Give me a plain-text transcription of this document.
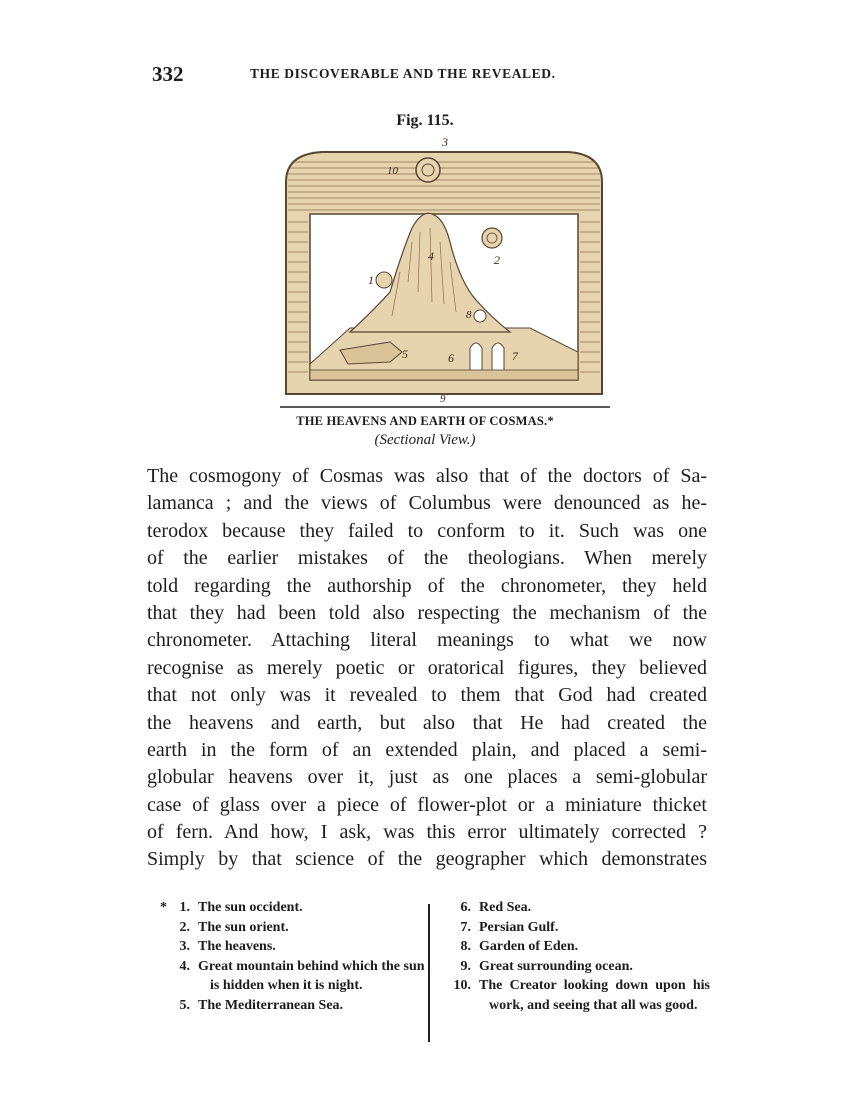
332	THE DISCOVERABLE AND THE REVEALED.
Fig. 115.
3
10
1
2
4
8
5	6	7
9
THE HEAVENS AND EARTH OF COSMAS.*
(Sectional View.)
The cosmogony of Cosmas was also that of the doctors of Sa-
lamanca ; and the views of Columbus were denounced as he-
terodox because they failed to conform to it. Such was one
of the earlier mistakes of the theologians. When merely
told regarding the authorship of the chronometer, they held
that they had been told also respecting the mechanism of the
chronometer. Attaching literal meanings to what we now
recognise as merely poetic or oratorical figures, they believed
that not only was it revealed to them that God had created
the heavens and earth, but also that He had created the
earth in the form of an extended plain, and placed a semi-
globular heavens over it, just as one places a semi-globular
case of glass over a piece of flower-plot or a miniature thicket
of fern. And how, I ask, was this error ultimately corrected ?
Simply by that science of the geographer which demonstrates
* 1. The sun occident.
2. The sun orient.
3. The heavens.
4. Great mountain behind which the sun is hidden when it is night.
5. The Mediterranean Sea.
6. Red Sea.
7. Persian Gulf.
8. Garden of Eden.
9. Great surrounding ocean.
10. The Creator looking down upon his work, and seeing that all was good.
